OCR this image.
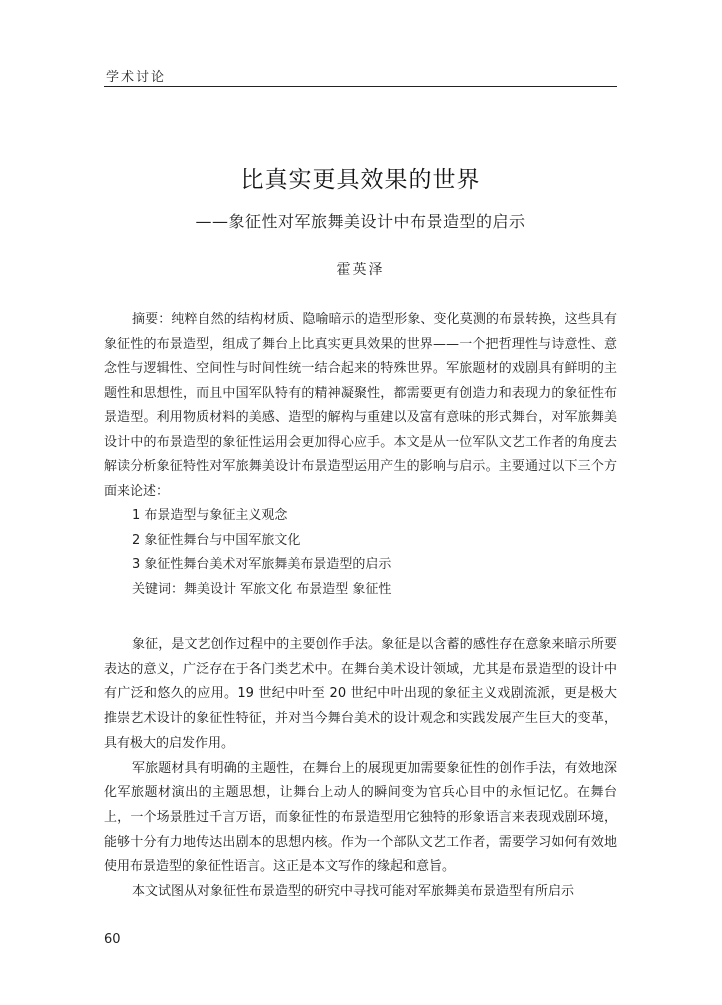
学术讨论
比真实更具效果的世界
——象征性对军旅舞美设计中布景造型的启示
霍英泽

摘要：纯粹自然的结构材质、隐喻暗示的造型形象、变化莫测的布景转换，这些具有象征性的布景造型，组成了舞台上比真实更具效果的世界——一个把哲理性与诗意性、意念性与逻辑性、空间性与时间性统一结合起来的特殊世界。军旅题材的戏剧具有鲜明的主题性和思想性，而且中国军队特有的精神凝聚性，都需要更有创造力和表现力的象征性布景造型。利用物质材料的美感、造型的解构与重建以及富有意味的形式舞台，对军旅舞美设计中的布景造型的象征性运用会更加得心应手。本文是从一位军队文艺工作者的角度去解读分析象征特性对军旅舞美设计布景造型运用产生的影响与启示。主要通过以下三个方面来论述：

1 布景造型与象征主义观念

2 象征性舞台与中国军旅文化

3 象征性舞台美术对军旅舞美布景造型的启示

关键词：舞美设计 军旅文化 布景造型 象征性

象征，是文艺创作过程中的主要创作手法。象征是以含蓄的感性存在意象来暗示所要表达的意义，广泛存在于各门类艺术中。在舞台美术设计领域，尤其是布景造型的设计中有广泛和悠久的应用。19 世纪中叶至 20 世纪中叶出现的象征主义戏剧流派，更是极大推崇艺术设计的象征性特征，并对当今舞台美术的设计观念和实践发展产生巨大的变革，具有极大的启发作用。

军旅题材具有明确的主题性，在舞台上的展现更加需要象征性的创作手法，有效地深化军旅题材演出的主题思想，让舞台上动人的瞬间变为官兵心目中的永恒记忆。在舞台上，一个场景胜过千言万语，而象征性的布景造型用它独特的形象语言来表现戏剧环境，能够十分有力地传达出剧本的思想内核。作为一个部队文艺工作者，需要学习如何有效地使用布景造型的象征性语言。这正是本文写作的缘起和意旨。

本文试图从对象征性布景造型的研究中寻找可能对军旅舞美布景造型有所启示

60
